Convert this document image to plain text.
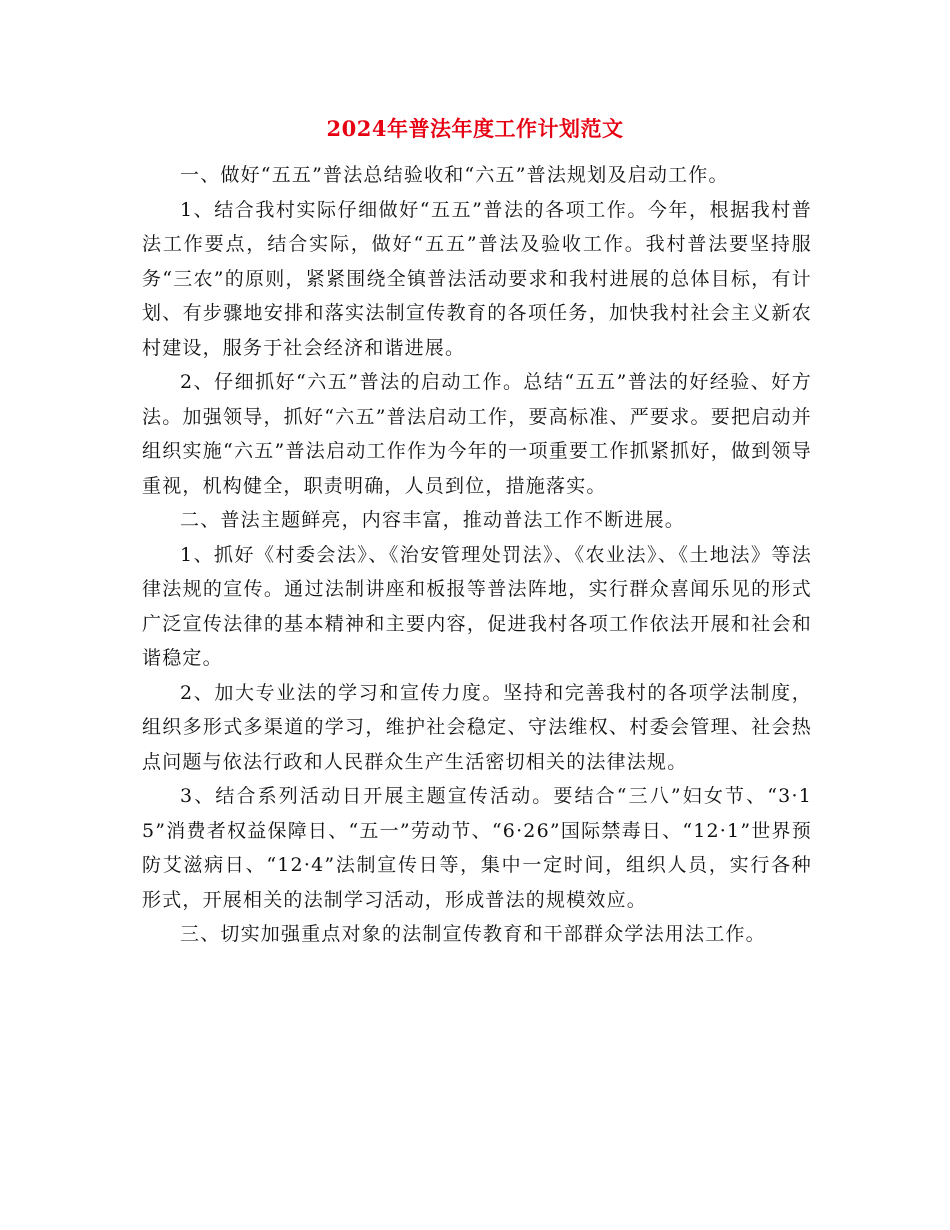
2024年普法年度工作计划范文

一、做好“五五”普法总结验收和“六五”普法规划及启动工作。

1、结合我村实际仔细做好“五五”普法的各项工作。今年，根据我村普法工作要点，结合实际，做好“五五”普法及验收工作。我村普法要坚持服务“三农”的原则，紧紧围绕全镇普法活动要求和我村进展的总体目标，有计划、有步骤地安排和落实法制宣传教育的各项任务，加快我村社会主义新农村建设，服务于社会经济和谐进展。

2、仔细抓好“六五”普法的启动工作。总结“五五”普法的好经验、好方法。加强领导，抓好“六五”普法启动工作，要高标准、严要求。要把启动并组织实施“六五”普法启动工作作为今年的一项重要工作抓紧抓好，做到领导重视，机构健全，职责明确，人员到位，措施落实。

二、普法主题鲜亮，内容丰富，推动普法工作不断进展。

1、抓好《村委会法》、《治安管理处罚法》、《农业法》、《土地法》等法律法规的宣传。通过法制讲座和板报等普法阵地，实行群众喜闻乐见的形式广泛宣传法律的基本精神和主要内容，促进我村各项工作依法开展和社会和谐稳定。

2、加大专业法的学习和宣传力度。坚持和完善我村的各项学法制度，组织多形式多渠道的学习，维护社会稳定、守法维权、村委会管理、社会热点问题与依法行政和人民群众生产生活密切相关的法律法规。

3、结合系列活动日开展主题宣传活动。要结合“三八”妇女节、“3·15”消费者权益保障日、“五一”劳动节、“6·26”国际禁毒日、“12·1”世界预防艾滋病日、“12·4”法制宣传日等，集中一定时间，组织人员，实行各种形式，开展相关的法制学习活动，形成普法的规模效应。

三、切实加强重点对象的法制宣传教育和干部群众学法用法工作。
